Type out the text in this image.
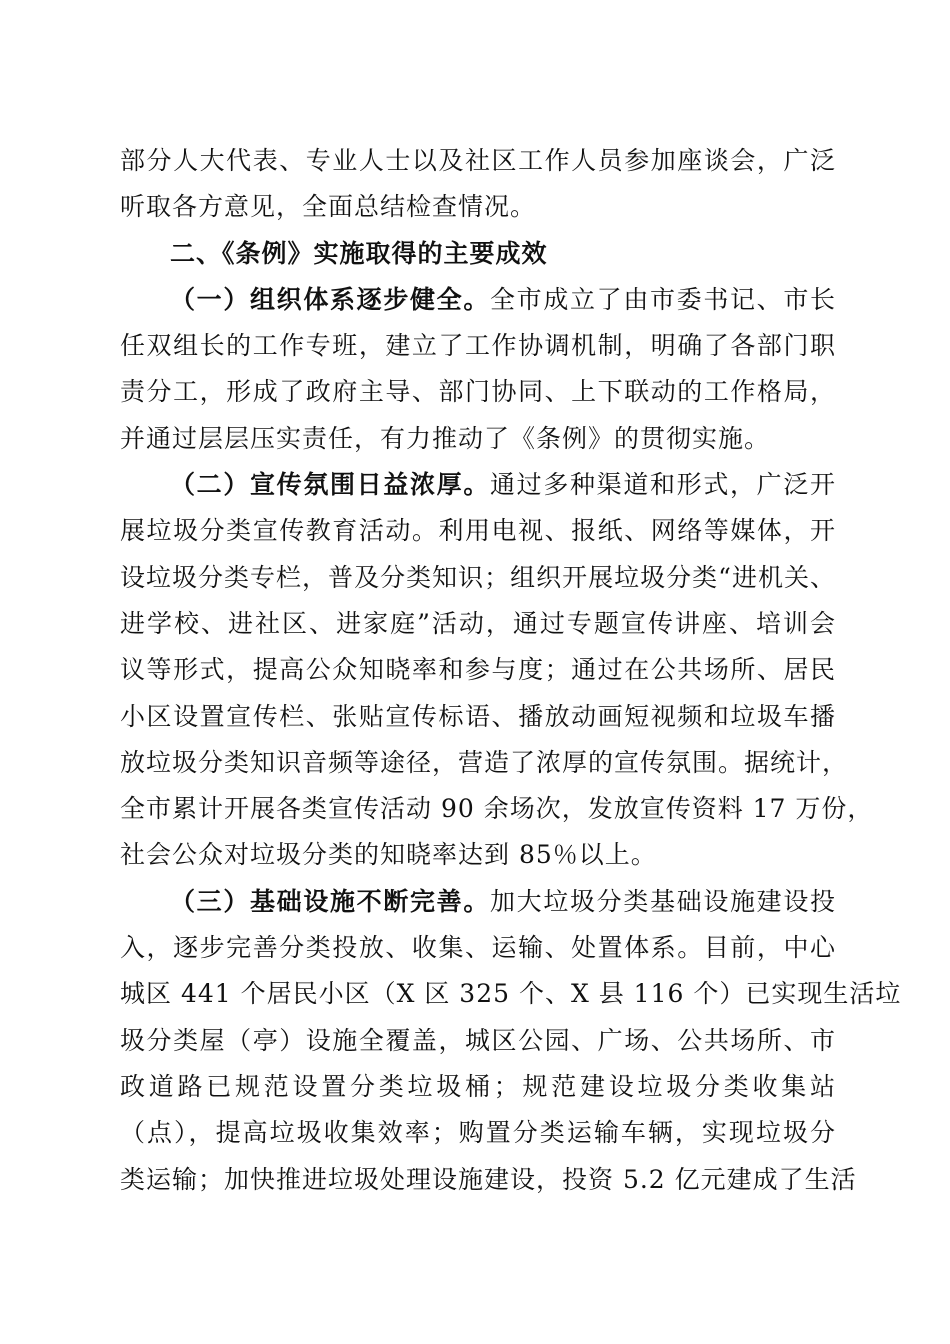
部分人大代表、专业人士以及社区工作人员参加座谈会，广泛
听取各方意见，全面总结检查情况。
二、《条例》实施取得的主要成效
（一）组织体系逐步健全。全市成立了由市委书记、市长
任双组长的工作专班，建立了工作协调机制，明确了各部门职
责分工，形成了政府主导、部门协同、上下联动的工作格局，
并通过层层压实责任，有力推动了《条例》的贯彻实施。
（二）宣传氛围日益浓厚。通过多种渠道和形式，广泛开
展垃圾分类宣传教育活动。利用电视、报纸、网络等媒体，开
设垃圾分类专栏，普及分类知识；组织开展垃圾分类“进机关、
进学校、进社区、进家庭”活动，通过专题宣传讲座、培训会
议等形式，提高公众知晓率和参与度；通过在公共场所、居民
小区设置宣传栏、张贴宣传标语、播放动画短视频和垃圾车播
放垃圾分类知识音频等途径，营造了浓厚的宣传氛围。据统计，
全市累计开展各类宣传活动 90 余场次，发放宣传资料 17 万份，
社会公众对垃圾分类的知晓率达到 85％以上。
（三）基础设施不断完善。加大垃圾分类基础设施建设投
入，逐步完善分类投放、收集、运输、处置体系。目前，中心
城区 441 个居民小区（X 区 325 个、X 县 116 个）已实现生活垃
圾分类屋（亭）设施全覆盖，城区公园、广场、公共场所、市
政道路已规范设置分类垃圾桶；规范建设垃圾分类收集站
（点），提高垃圾收集效率；购置分类运输车辆，实现垃圾分
类运输；加快推进垃圾处理设施建设，投资 5.2 亿元建成了生活
